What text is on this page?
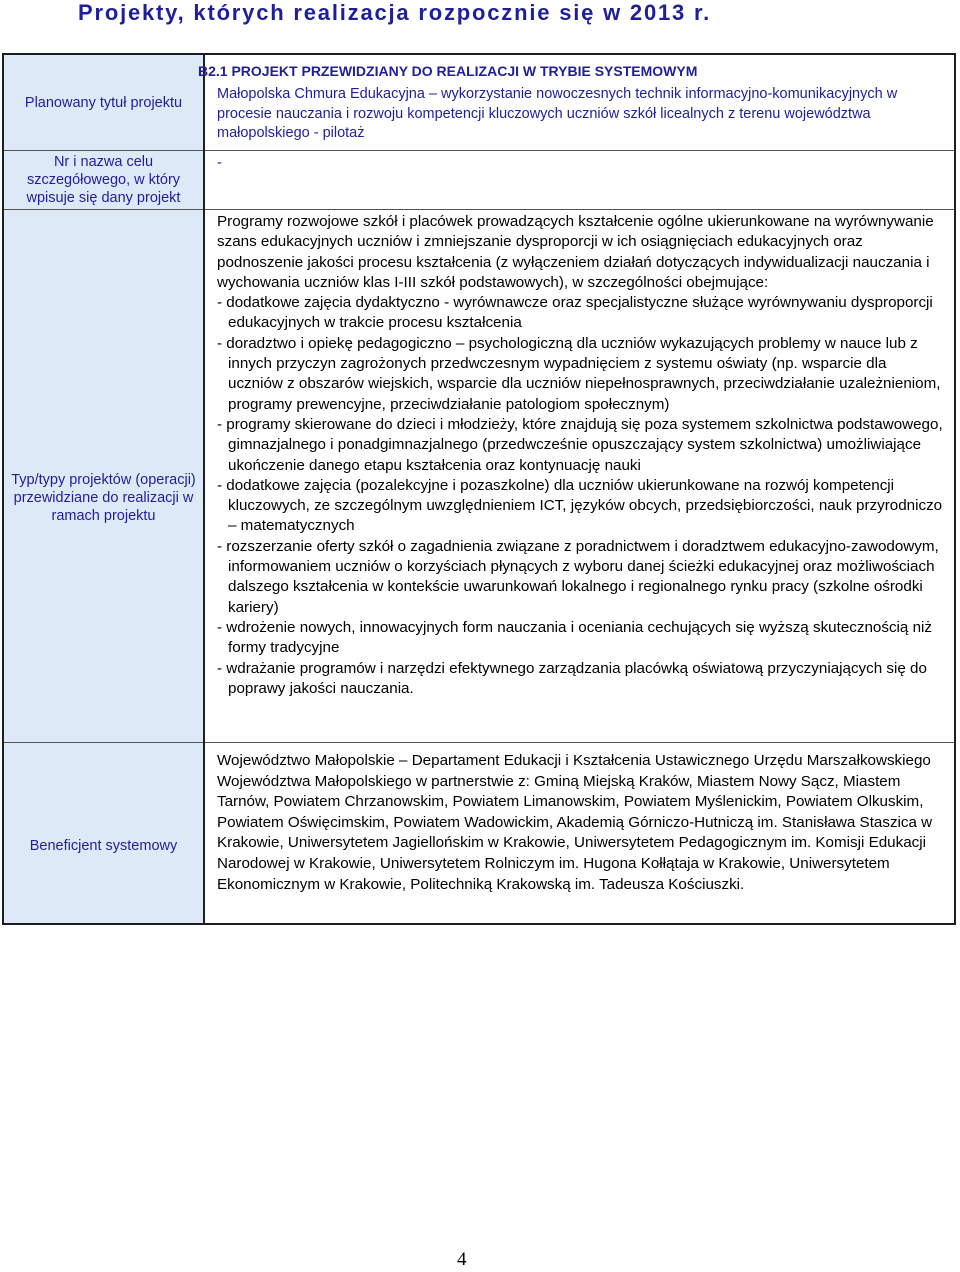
Projekty, których realizacja rozpocznie się w 2013 r.
Planowany tytuł projektu
Nr i nazwa celu szczegółowego, w który wpisuje się dany projekt
Typ/typy projektów (operacji) przewidziane do realizacji w ramach projektu
Beneficjent systemowy
B2.1 PROJEKT PRZEWIDZIANY DO REALIZACJI W TRYBIE SYSTEMOWYM
Małopolska Chmura Edukacyjna – wykorzystanie nowoczesnych technik informacyjno-komunikacyjnych w procesie nauczania i rozwoju kompetencji kluczowych uczniów szkół licealnych z terenu województwa małopolskiego - pilotaż
-

Programy rozwojowe szkół i placówek prowadzących kształcenie ogólne ukierunkowane na wyrównywanie szans edukacyjnych uczniów i zmniejszanie dysproporcji w ich osiągnięciach edukacyjnych oraz podnoszenie jakości procesu kształcenia (z wyłączeniem działań dotyczących indywidualizacji nauczania i wychowania uczniów klas I-III szkół podstawowych), w szczególności obejmujące:

- dodatkowe zajęcia dydaktyczno - wyrównawcze oraz specjalistyczne służące wyrównywaniu dysproporcji edukacyjnych w trakcie procesu kształcenia

- doradztwo i opiekę pedagogiczno – psychologiczną dla uczniów wykazujących problemy w nauce lub z innych przyczyn zagrożonych przedwczesnym wypadnięciem z systemu oświaty (np. wsparcie dla uczniów z obszarów wiejskich, wsparcie dla uczniów niepełnosprawnych, przeciwdziałanie uzależnieniom, programy prewencyjne, przeciwdziałanie patologiom społecznym)

- programy skierowane do dzieci i młodzieży, które znajdują się poza systemem szkolnictwa podstawowego, gimnazjalnego i ponadgimnazjalnego (przedwcześnie opuszczający system szkolnictwa) umożliwiające ukończenie danego etapu kształcenia oraz kontynuację nauki

- dodatkowe zajęcia (pozalekcyjne i pozaszkolne) dla uczniów ukierunkowane na rozwój kompetencji kluczowych, ze szczególnym uwzględnieniem ICT, języków obcych, przedsiębiorczości, nauk przyrodniczo – matematycznych

- rozszerzanie oferty szkół o zagadnienia związane z poradnictwem i doradztwem edukacyjno-zawodowym, informowaniem uczniów o korzyściach płynących z wyboru danej ścieżki edukacyjnej oraz możliwościach dalszego kształcenia w kontekście uwarunkowań lokalnego i regionalnego rynku pracy (szkolne ośrodki kariery)

- wdrożenie nowych, innowacyjnych form nauczania i oceniania cechujących się wyższą skutecznością niż formy tradycyjne

- wdrażanie programów i narzędzi efektywnego zarządzania placówką oświatową przyczyniających się do poprawy jakości nauczania.

Województwo Małopolskie – Departament Edukacji i Kształcenia Ustawicznego Urzędu Marszałkowskiego Województwa Małopolskiego w partnerstwie z: Gminą Miejską Kraków, Miastem Nowy Sącz, Miastem Tarnów, Powiatem Chrzanowskim, Powiatem Limanowskim, Powiatem Myślenickim, Powiatem Olkuskim, Powiatem Oświęcimskim, Powiatem Wadowickim, Akademią Górniczo-Hutniczą im. Stanisława Staszica w Krakowie, Uniwersytetem Jagiellońskim w Krakowie, Uniwersytetem Pedagogicznym im. Komisji Edukacji Narodowej w Krakowie, Uniwersytetem Rolniczym im. Hugona Kołłątaja w Krakowie, Uniwersytetem Ekonomicznym w Krakowie, Politechniką Krakowską im. Tadeusza Kościuszki.
4
